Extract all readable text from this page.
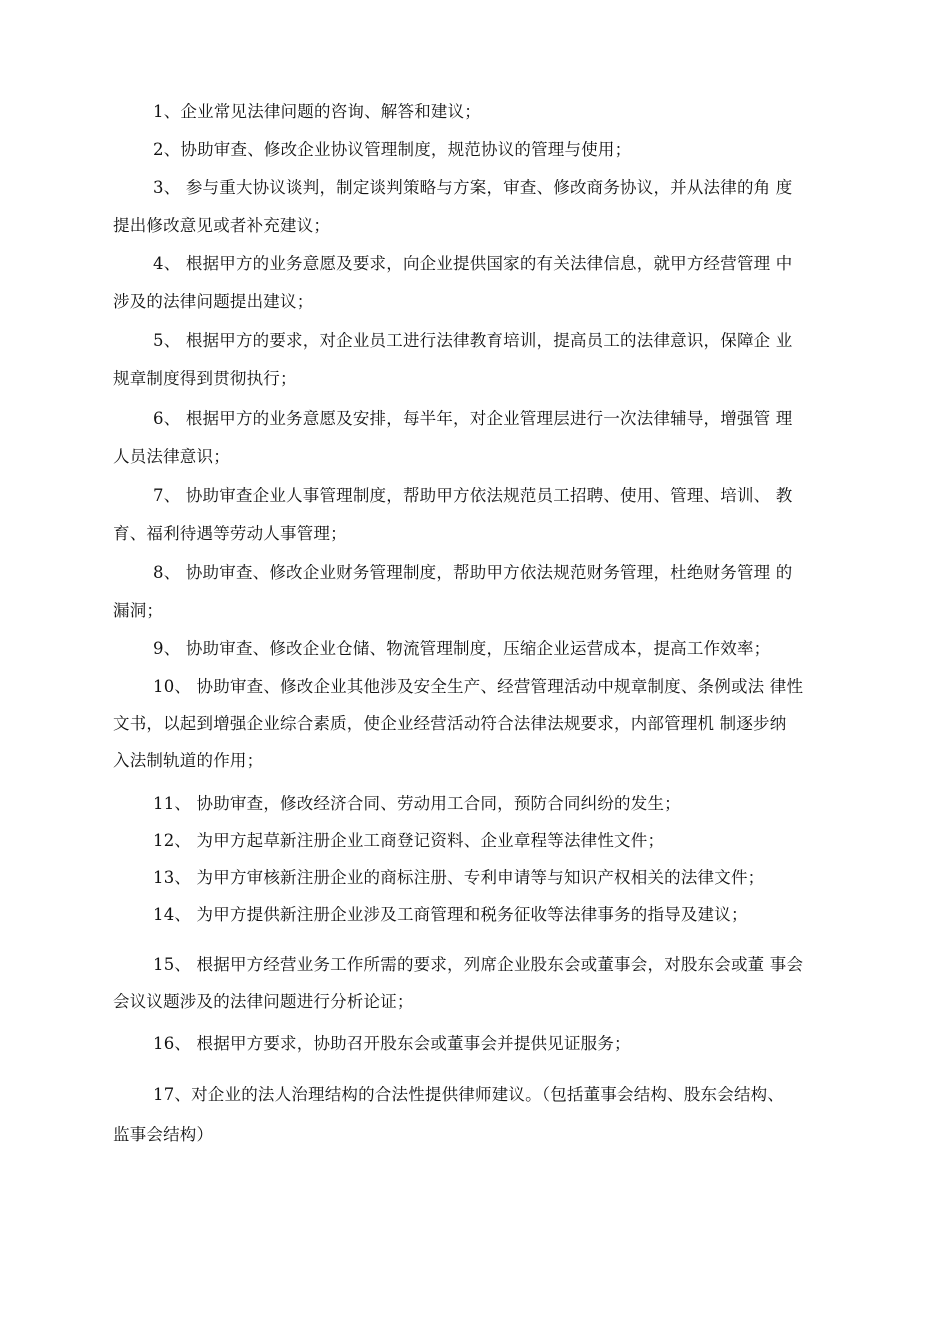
1、企业常见法律问题的咨询、解答和建议；
2、协助审查、修改企业协议管理制度，规范协议的管理与使用；
3、 参与重大协议谈判，制定谈判策略与方案，审查、修改商务协议，并从法律的角 度
提出修改意见或者补充建议；
4、 根据甲方的业务意愿及要求，向企业提供国家的有关法律信息，就甲方经营管理 中
涉及的法律问题提出建议；
5、 根据甲方的要求，对企业员工进行法律教育培训，提高员工的法律意识，保障企 业
规章制度得到贯彻执行；
6、 根据甲方的业务意愿及安排，每半年，对企业管理层进行一次法律辅导，增强管 理
人员法律意识；
7、 协助审查企业人事管理制度，帮助甲方依法规范员工招聘、使用、管理、培训、 教
育、福利待遇等劳动人事管理；
8、 协助审查、修改企业财务管理制度，帮助甲方依法规范财务管理，杜绝财务管理 的
漏洞；
9、 协助审查、修改企业仓储、物流管理制度，压缩企业运营成本，提高工作效率；
10、 协助审查、修改企业其他涉及安全生产、经营管理活动中规章制度、条例或法 律性
文书，以起到增强企业综合素质，使企业经营活动符合法律法规要求，内部管理机 制逐步纳
入法制轨道的作用；
11、 协助审查，修改经济合同、劳动用工合同，预防合同纠纷的发生；
12、 为甲方起草新注册企业工商登记资料、企业章程等法律性文件；
13、 为甲方审核新注册企业的商标注册、专利申请等与知识产权相关的法律文件；
14、 为甲方提供新注册企业涉及工商管理和税务征收等法律事务的指导及建议；
15、 根据甲方经营业务工作所需的要求，列席企业股东会或董事会，对股东会或董 事会
会议议题涉及的法律问题进行分析论证；
16、 根据甲方要求，协助召开股东会或董事会并提供见证服务；
17、对企业的法人治理结构的合法性提供律师建议。（包括董事会结构、股东会结构、
监事会结构）
